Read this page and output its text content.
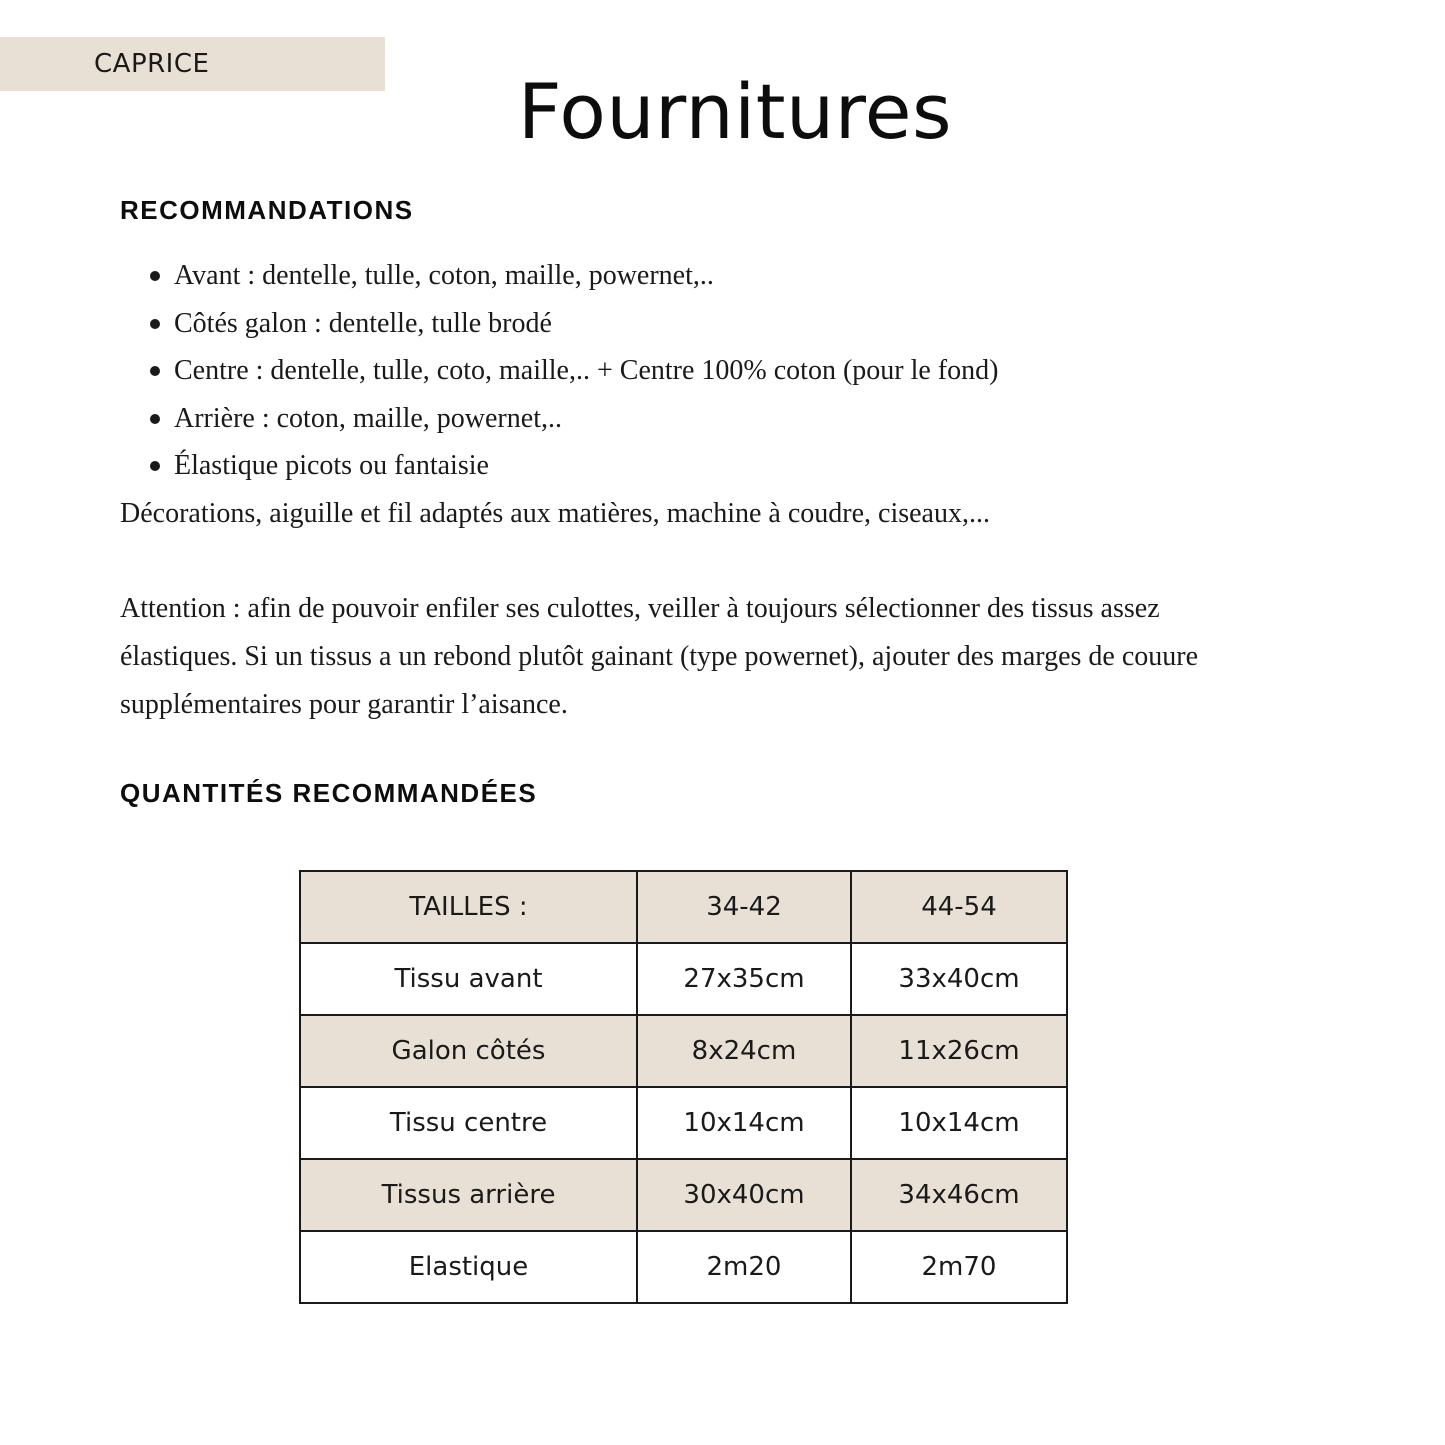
CAPRICE
Fournitures
RECOMMANDATIONS
Avant : dentelle, tulle, coton, maille, powernet,..
Côtés galon : dentelle, tulle brodé
Centre : dentelle, tulle, coto, maille,.. + Centre 100% coton (pour le fond)
Arrière : coton, maille, powernet,..
Élastique picots ou fantaisie
Décorations, aiguille et fil adaptés aux matières, machine à coudre, ciseaux,...
Attention : afin de pouvoir enfiler ses culottes, veiller à toujours sélectionner des tissus assez
élastiques. Si un tissus a un rebond plutôt gainant (type powernet), ajouter des marges de couure
supplémentaires pour garantir l’aisance.
QUANTITÉS RECOMMANDÉES
TAILLES :	34-42	44-54
Tissu avant	27x35cm	33x40cm
Galon côtés	8x24cm	11x26cm
Tissu centre	10x14cm	10x14cm
Tissus arrière	30x40cm	34x46cm
Elastique	2m20	2m70
